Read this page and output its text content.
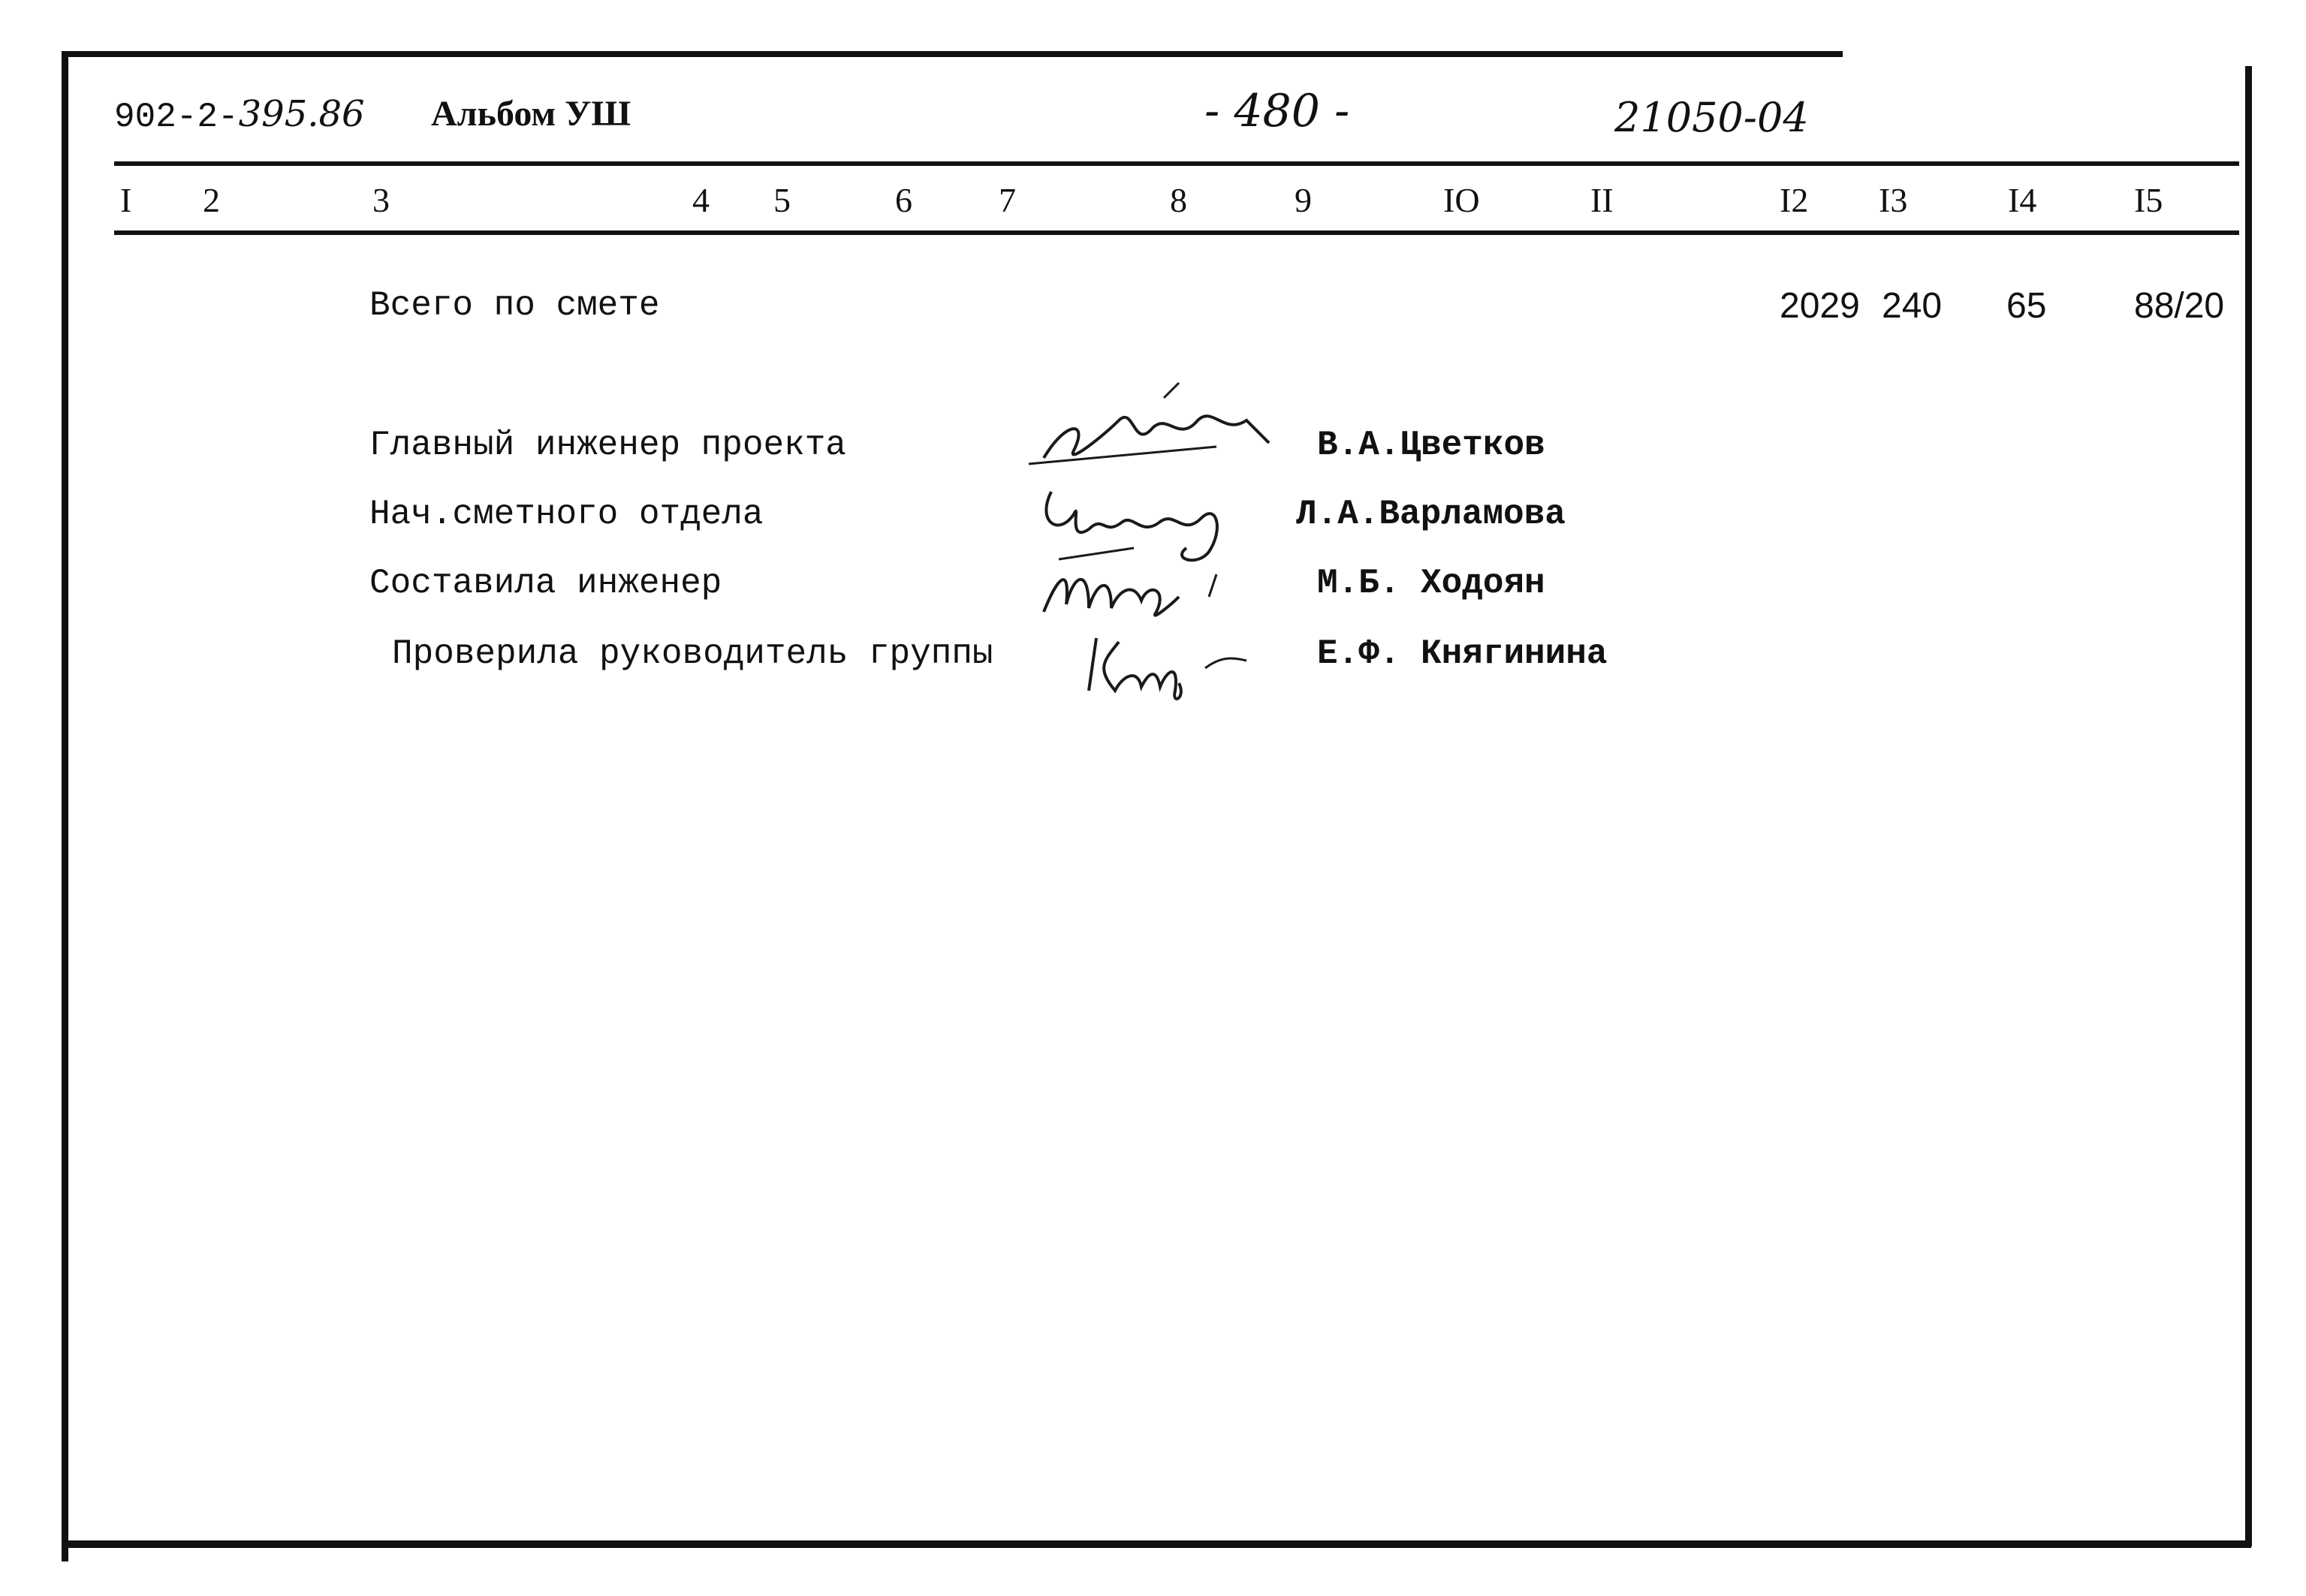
902-2-395.86 Альбом УШ	- 480 -	21050-04
I 2	3	4 5	6	7	8	9	IO	II	I2 I3	I4	I5
Всего по смете	2029 240 65 88/20
Главный инженер проекта	В.А.Цветков
Нач.сметного отдела	Л.А.Варламова
Составила инженер	М.Б. Ходоян
Проверила руководитель группы	Е.Ф. Княгинина
